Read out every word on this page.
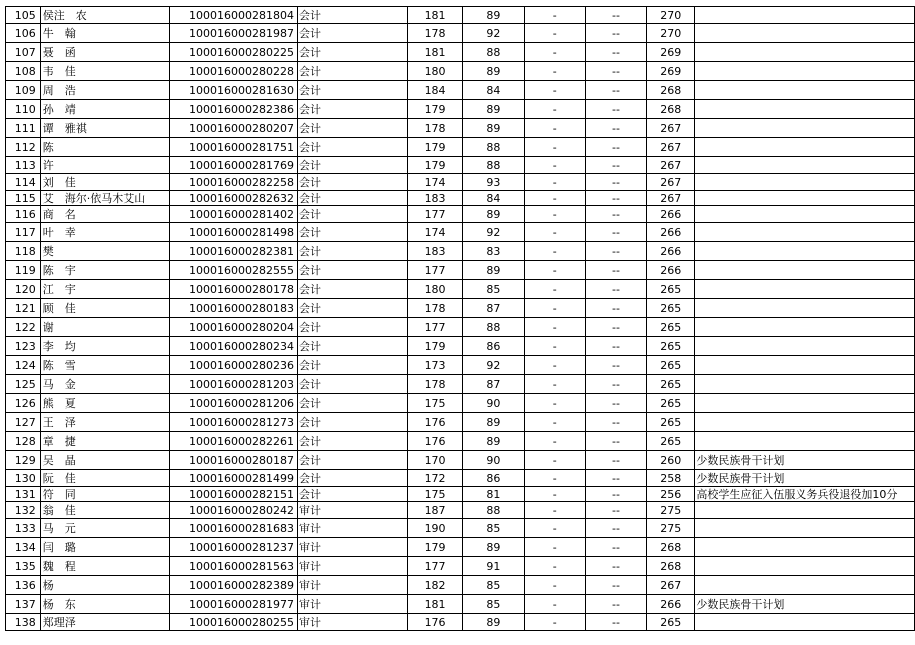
105	侯注 农	100016000281804	会计	181	89	-	--	270	
106	牛 翰	100016000281987	会计	178	92	-	--	270	
107	聂 函	100016000280225	会计	181	88	-	--	269	
108	韦 佳	100016000280228	会计	180	89	-	--	269	
109	周 浩	100016000281630	会计	184	84	-	--	268	
110	孙 靖	100016000282386	会计	179	89	-	--	268	
111	谭 雅祺	100016000280207	会计	178	89	-	--	267	
112	陈	100016000281751	会计	179	88	-	--	267	
113	许	100016000281769	会计	179	88	-	--	267	
114	刘 佳	100016000282258	会计	174	93	-	--	267	
115	艾 海尔·依马木艾山	100016000282632	会计	183	84	-	--	267	
116	商 名	100016000281402	会计	177	89	-	--	266	
117	叶 幸	100016000281498	会计	174	92	-	--	266	
118	樊	100016000282381	会计	183	83	-	--	266	
119	陈 宇	100016000282555	会计	177	89	-	--	266	
120	江 宇	100016000280178	会计	180	85	-	--	265	
121	顾 佳	100016000280183	会计	178	87	-	--	265	
122	谢	100016000280204	会计	177	88	-	--	265	
123	李 均	100016000280234	会计	179	86	-	--	265	
124	陈 雪	100016000280236	会计	173	92	-	--	265	
125	马 金	100016000281203	会计	178	87	-	--	265	
126	熊 夏	100016000281206	会计	175	90	-	--	265	
127	王 泽	100016000281273	会计	176	89	-	--	265	
128	章 捷	100016000282261	会计	176	89	-	--	265	
129	吴 晶	100016000280187	会计	170	90	-	--	260	少数民族骨干计划
130	阮 佳	100016000281499	会计	172	86	-	--	258	少数民族骨干计划
131	符 同	100016000282151	会计	175	81	-	--	256	高校学生应征入伍服义务兵役退役加10分
132	翁 佳	100016000280242	审计	187	88	-	--	275	
133	马 元	100016000281683	审计	190	85	-	--	275	
134	闫 璐	100016000281237	审计	179	89	-	--	268	
135	魏 程	100016000281563	审计	177	91	-	--	268	
136	杨	100016000282389	审计	182	85	-	--	267	
137	杨 东	100016000281977	审计	181	85	-	--	266	少数民族骨干计划
138	郑理泽	100016000280255	审计	176	89	-	--	265	
